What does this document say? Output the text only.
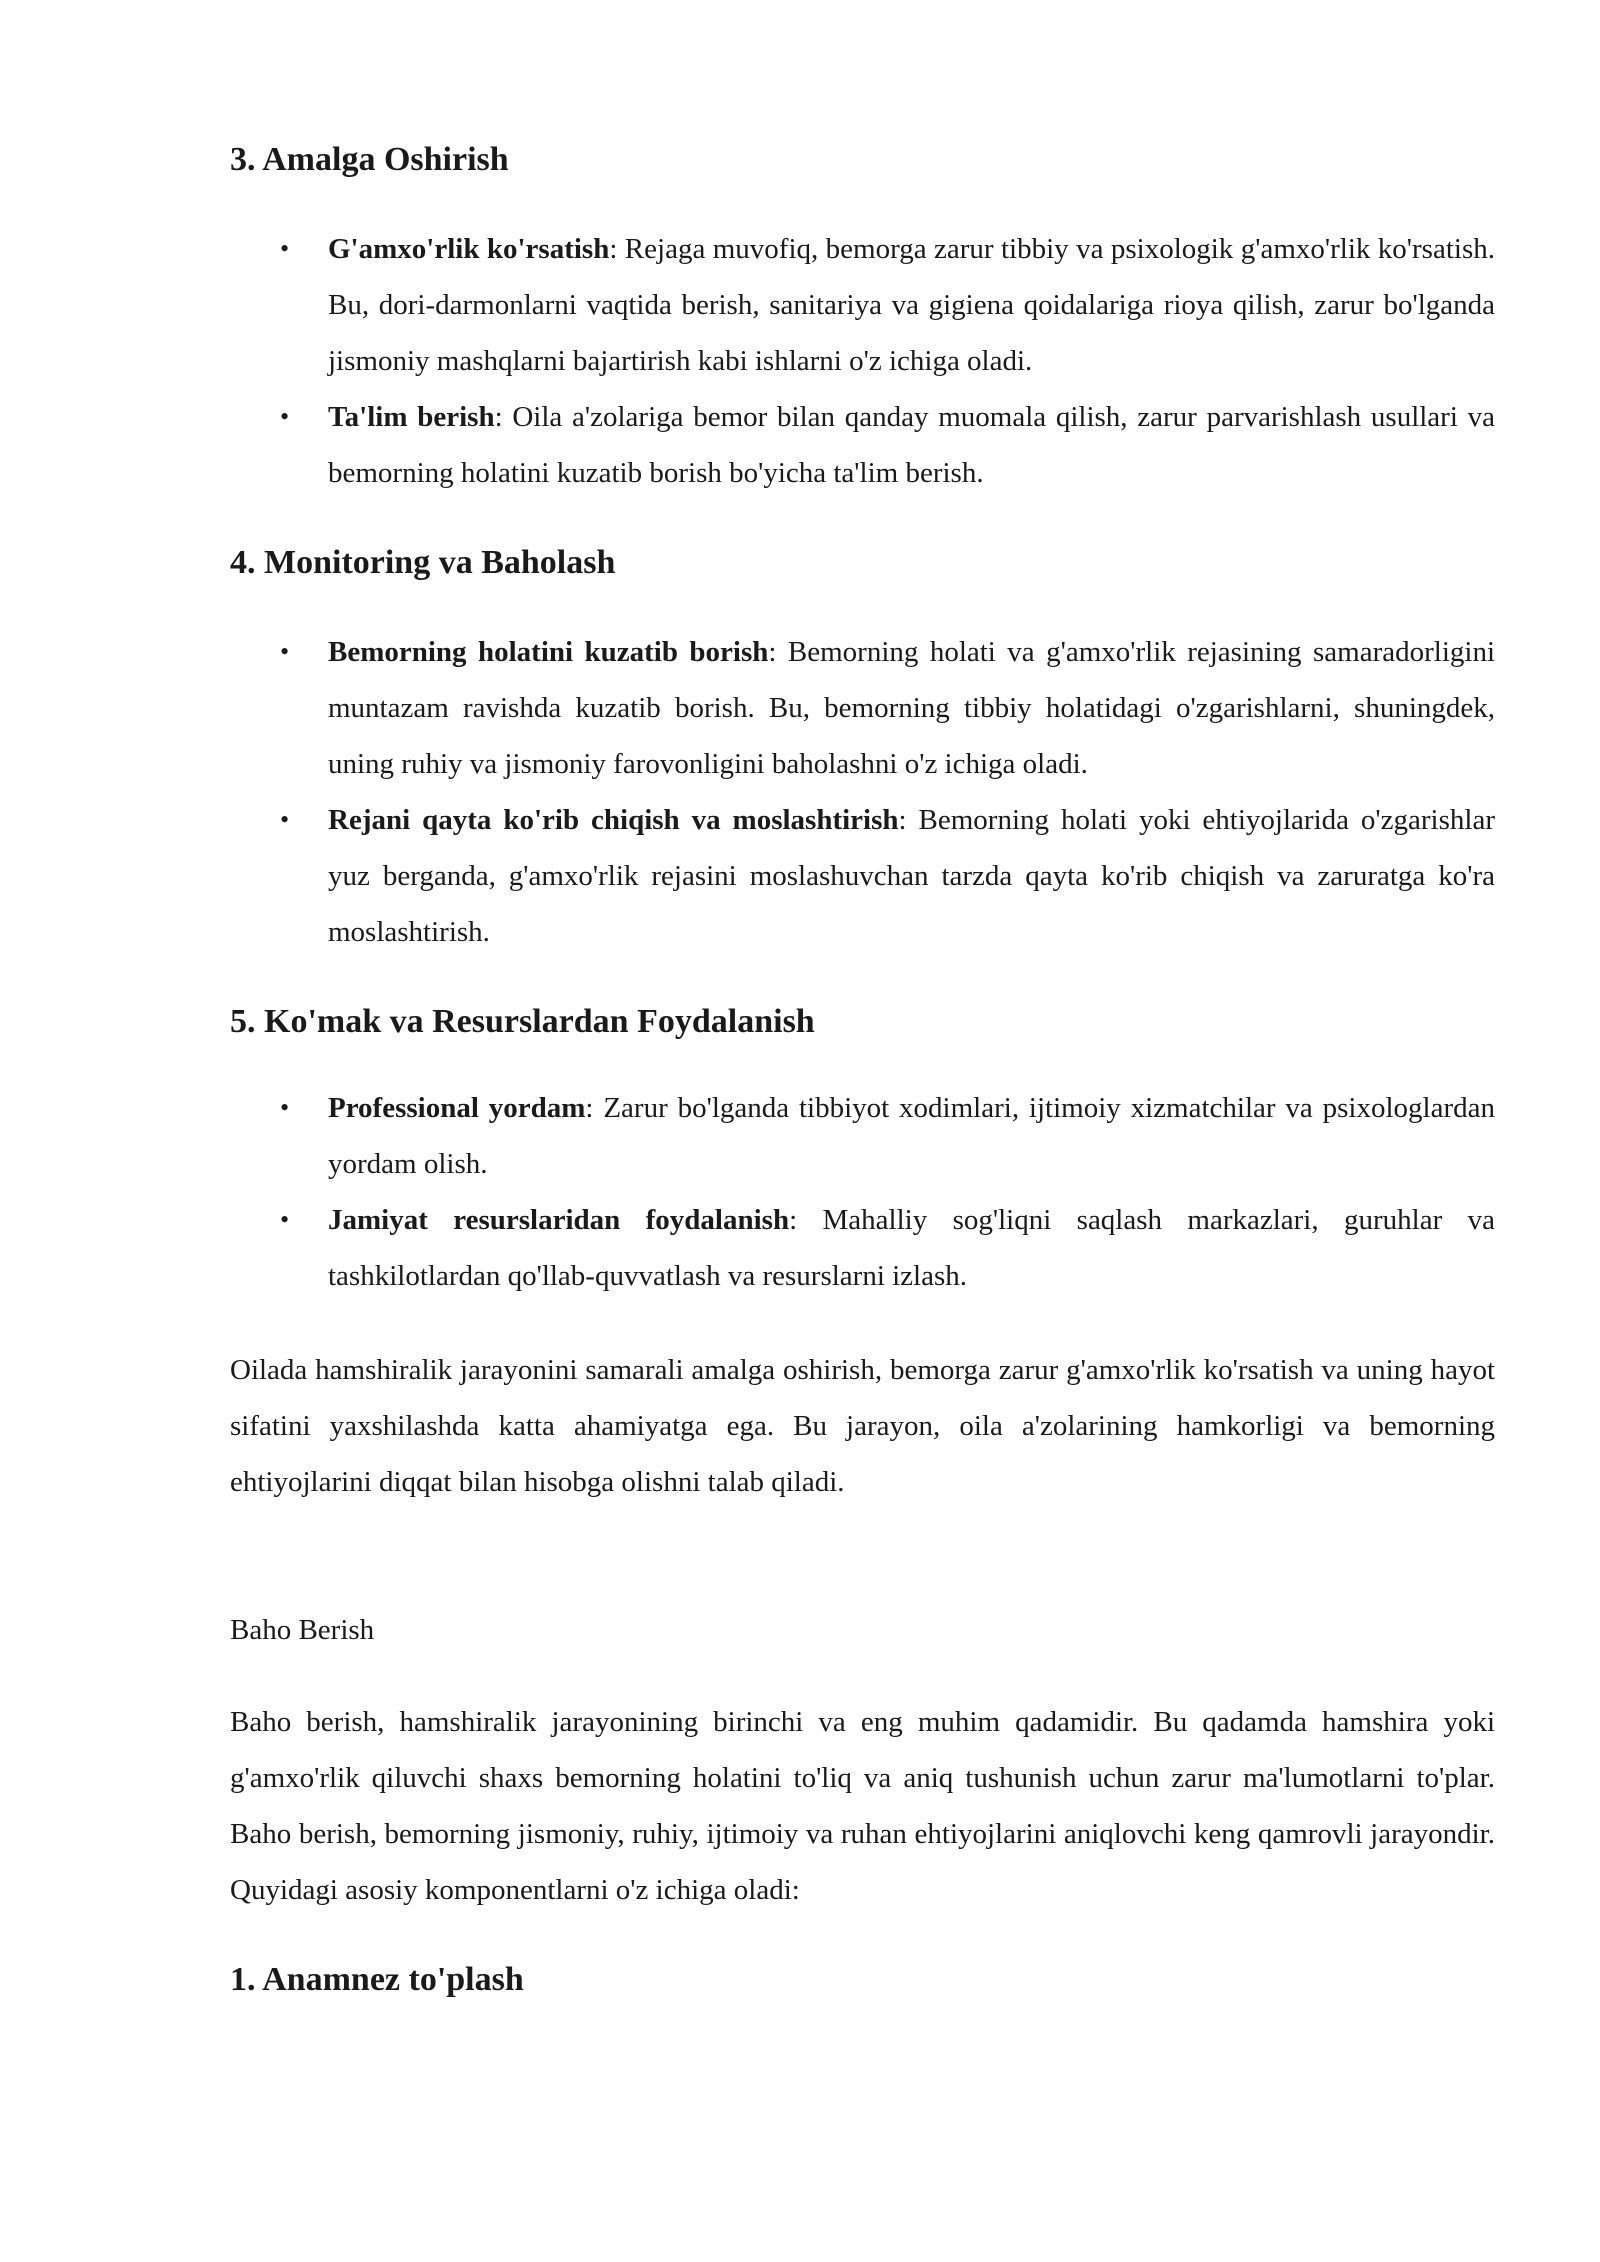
3. Amalga Oshirish
• G'amxo'rlik ko'rsatish: Rejaga muvofiq, bemorga zarur tibbiy va psixologik g'amxo'rlik ko'rsatish. Bu, dori-darmonlarni vaqtida berish, sanitariya va gigiena qoidalariga rioya qilish, zarur bo'lganda jismoniy mashqlarni bajartirish kabi ishlarni o'z ichiga oladi.
• Ta'lim berish: Oila a'zolariga bemor bilan qanday muomala qilish, zarur parvarishlash usullari va bemorning holatini kuzatib borish bo'yicha ta'lim berish.
4. Monitoring va Baholash
• Bemorning holatini kuzatib borish: Bemorning holati va g'amxo'rlik rejasining samaradorligini muntazam ravishda kuzatib borish. Bu, bemorning tibbiy holatidagi o'zgarishlarni, shuningdek, uning ruhiy va jismoniy farovonligini baholashni o'z ichiga oladi.
• Rejani qayta ko'rib chiqish va moslashtirish: Bemorning holati yoki ehtiyojlarida o'zgarishlar yuz berganda, g'amxo'rlik rejasini moslashuvchan tarzda qayta ko'rib chiqish va zaruratga ko'ra moslashtirish.
5. Ko'mak va Resurslardan Foydalanish
• Professional yordam: Zarur bo'lganda tibbiyot xodimlari, ijtimoiy xizmatchilar va psixologlardan yordam olish.
• Jamiyat resurslaridan foydalanish: Mahalliy sog'liqni saqlash markazlari, guruhlar va tashkilotlardan qo'llab-quvvatlash va resurslarni izlash.

Oilada hamshiralik jarayonini samarali amalga oshirish, bemorga zarur g'amxo'rlik ko'rsatish va uning hayot sifatini yaxshilashda katta ahamiyatga ega. Bu jarayon, oila a'zolarining hamkorligi va bemorning ehtiyojlarini diqqat bilan hisobga olishni talab qiladi.

Baho Berish

Baho berish, hamshiralik jarayonining birinchi va eng muhim qadamidir. Bu qadamda hamshira yoki g'amxo'rlik qiluvchi shaxs bemorning holatini to'liq va aniq tushunish uchun zarur ma'lumotlarni to'plar. Baho berish, bemorning jismoniy, ruhiy, ijtimoiy va ruhan ehtiyojlarini aniqlovchi keng qamrovli jarayondir. Quyidagi asosiy komponentlarni o'z ichiga oladi:

1. Anamnez to'plash
